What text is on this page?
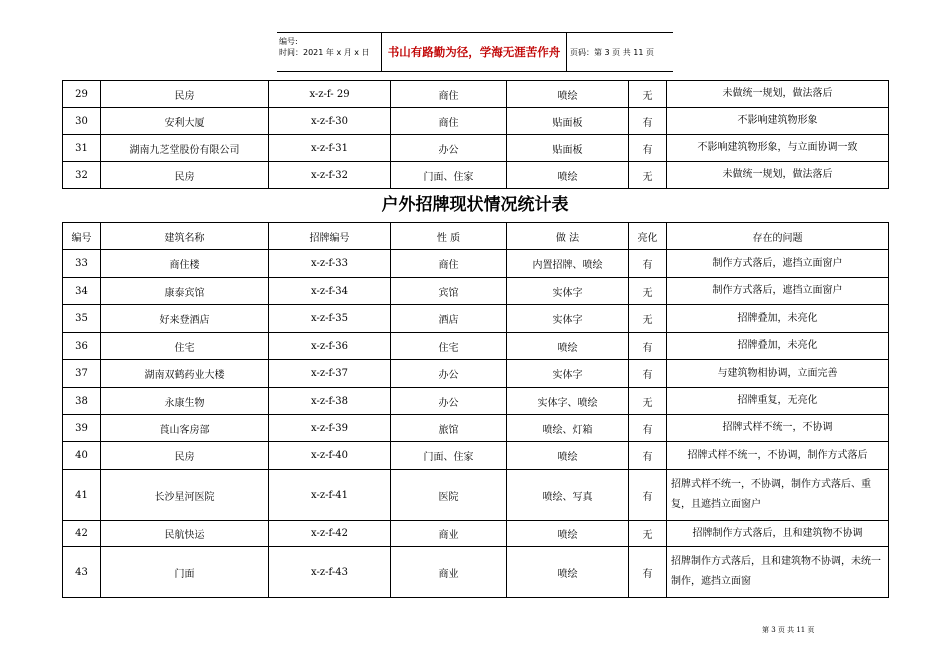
编号:
时间：2021 年 x 月 x 日	书山有路勤为径，学海无涯苦作舟	页码：第 3 页 共 11 页
29	民房	x-z-f- 29	商住	喷绘	无	未做统一规划，做法落后
30	安利大厦	x-z-f-30	商住	贴面板	有	不影响建筑物形象
31	湖南九芝堂股份有限公司	x-z-f-31	办公	贴面板	有	不影响建筑物形象，与立面协调一致
32	民房	x-z-f-32	门面、住家	喷绘	无	未做统一规划，做法落后
户外招牌现状情况统计表
编号	建筑名称	招牌编号	性 质	做 法	亮化	存在的问题
33	商住楼	x-z-f-33	商住	内置招牌、喷绘	有	制作方式落后，遮挡立面窗户
34	康泰宾馆	x-z-f-34	宾馆	实体字	无	制作方式落后，遮挡立面窗户
35	好来登酒店	x-z-f-35	酒店	实体字	无	招牌叠加，未亮化
36	住宅	x-z-f-36	住宅	喷绘	有	招牌叠加，未亮化
37	湖南双鹤药业大楼	x-z-f-37	办公	实体字	有	与建筑物相协调，立面完善
38	永康生物	x-z-f-38	办公	实体字、喷绘	无	招牌重复，无亮化
39	莨山客房部	x-z-f-39	旅馆	喷绘、灯箱	有	招牌式样不统一，不协调
40	民房	x-z-f-40	门面、住家	喷绘	有	招牌式样不统一，不协调，制作方式落后
41	长沙星河医院	x-z-f-41	医院	喷绘、写真	有	招牌式样不统一，不协调，制作方式落后、重复，且遮挡立面窗户
42	民航快运	x-z-f-42	商业	喷绘	无	招牌制作方式落后，且和建筑物不协调
43	门面	x-z-f-43	商业	喷绘	有	招牌制作方式落后，且和建筑物不协调，未统一制作，遮挡立面窗
第 3 页 共 11 页
